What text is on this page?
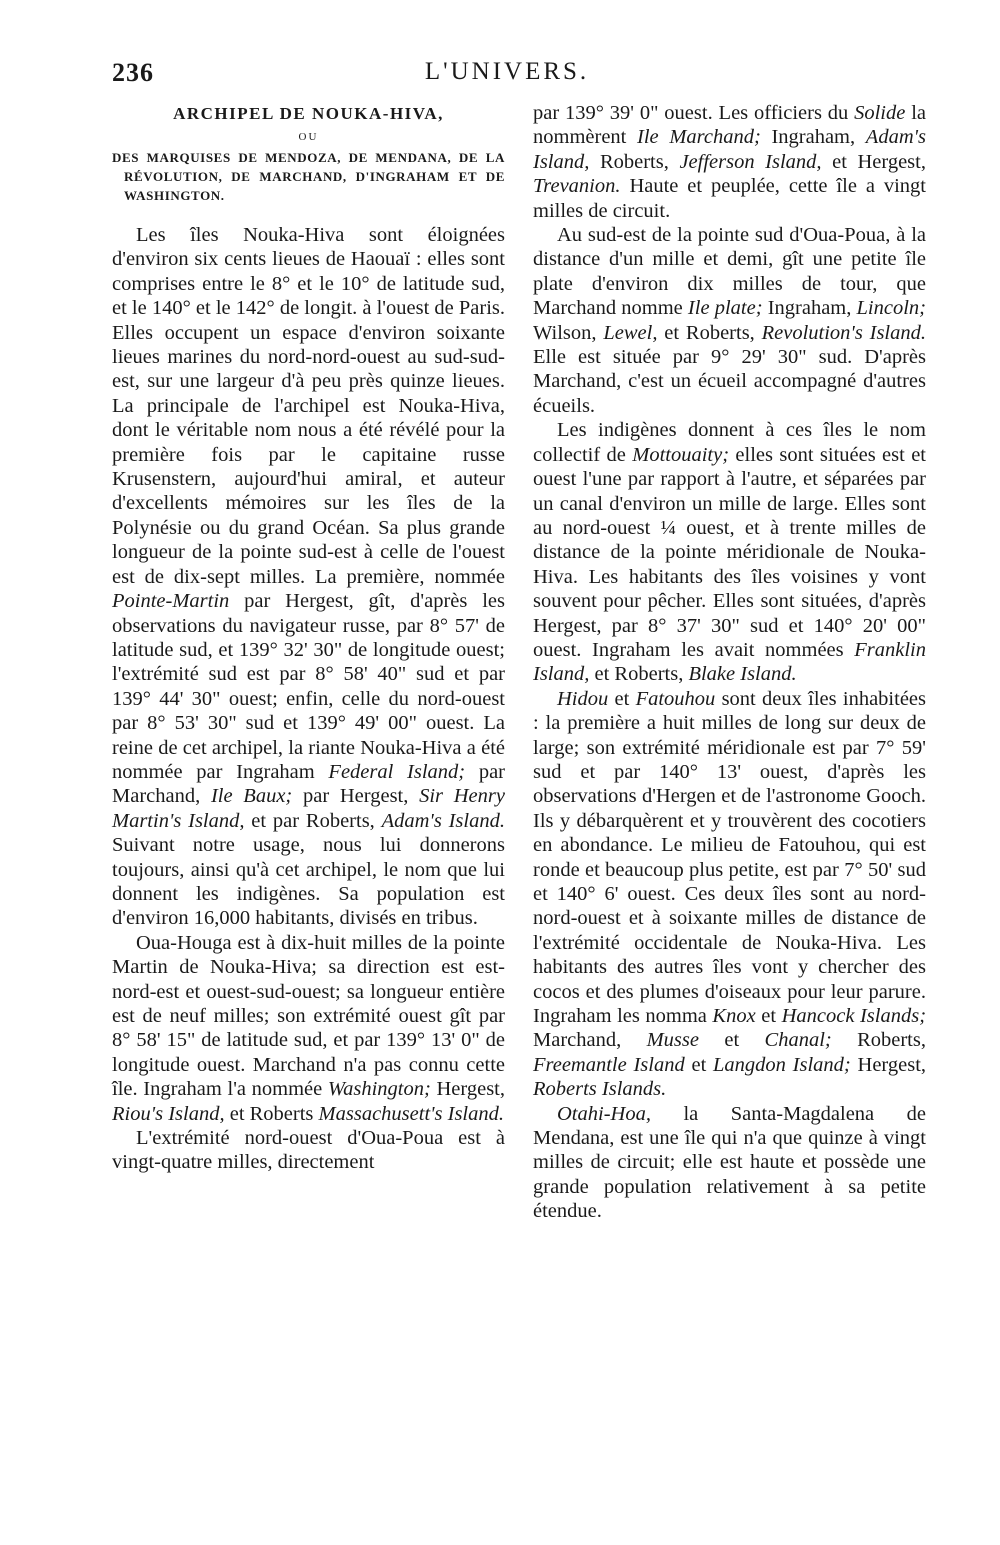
236	L'UNIVERS.
ARCHIPEL DE NOUKA-HIVA,
OU
DES MARQUISES DE MENDOZA, DE MENDANA, DE LA RÉVOLUTION, DE MARCHAND, D'INGRAHAM ET DE WASHINGTON.

Les îles Nouka-Hiva sont éloignées d'environ six cents lieues de Haouaï : elles sont comprises entre le 8° et le 10° de latitude sud, et le 140° et le 142° de longit. à l'ouest de Paris. Elles occupent un espace d'environ soixante lieues marines du nord-nord-ouest au sud-sud-est, sur une largeur d'à peu près quinze lieues. La principale de l'archipel est Nouka-Hiva, dont le véritable nom nous a été révélé pour la première fois par le capitaine russe Krusenstern, aujourd'hui amiral, et auteur d'excellents mémoires sur les îles de la Polynésie ou du grand Océan. Sa plus grande longueur de la pointe sud-est à celle de l'ouest est de dix-sept milles. La première, nommée Pointe-Martin par Hergest, gît, d'après les observations du navigateur russe, par 8° 57' de latitude sud, et 139° 32' 30" de longitude ouest; l'extrémité sud est par 8° 58' 40" sud et par 139° 44' 30" ouest; enfin, celle du nord-ouest par 8° 53' 30" sud et 139° 49' 00" ouest. La reine de cet archipel, la riante Nouka-Hiva a été nommée par Ingraham Federal Island; par Marchand, Ile Baux; par Hergest, Sir Henry Martin's Island, et par Roberts, Adam's Island. Suivant notre usage, nous lui donnerons toujours, ainsi qu'à cet archipel, le nom que lui donnent les indigènes. Sa population est d'environ 16,000 habitants, divisés en tribus.

Oua-Houga est à dix-huit milles de la pointe Martin de Nouka-Hiva; sa direction est est-nord-est et ouest-sud-ouest; sa longueur entière est de neuf milles; son extrémité ouest gît par 8° 58' 15" de latitude sud, et par 139° 13' 0" de longitude ouest. Marchand n'a pas connu cette île. Ingraham l'a nommée Washington; Hergest, Riou's Island, et Roberts Massachusett's Island.

L'extrémité nord-ouest d'Oua-Poua est à vingt-quatre milles, directement

par 139° 39' 0" ouest. Les officiers du Solide la nommèrent Ile Marchand; Ingraham, Adam's Island, Roberts, Jefferson Island, et Hergest, Trevanion. Haute et peuplée, cette île a vingt milles de circuit.

Au sud-est de la pointe sud d'Oua-Poua, à la distance d'un mille et demi, gît une petite île plate d'environ dix milles de tour, que Marchand nomme Ile plate; Ingraham, Lincoln; Wilson, Lewel, et Roberts, Revolution's Island. Elle est située par 9° 29' 30" sud. D'après Marchand, c'est un écueil accompagné d'autres écueils.

Les indigènes donnent à ces îles le nom collectif de Mottouaity; elles sont situées est et ouest l'une par rapport à l'autre, et séparées par un canal d'environ un mille de large. Elles sont au nord-ouest ¼ ouest, et à trente milles de distance de la pointe méridionale de Nouka-Hiva. Les habitants des îles voisines y vont souvent pour pêcher. Elles sont situées, d'après Hergest, par 8° 37' 30" sud et 140° 20' 00" ouest. Ingraham les avait nommées Franklin Island, et Roberts, Blake Island.

Hidou et Fatouhou sont deux îles inhabitées : la première a huit milles de long sur deux de large; son extrémité méridionale est par 7° 59' sud et par 140° 13' ouest, d'après les observations d'Hergen et de l'astronome Gooch. Ils y débarquèrent et y trouvèrent des cocotiers en abondance. Le milieu de Fatouhou, qui est ronde et beaucoup plus petite, est par 7° 50' sud et 140° 6' ouest. Ces deux îles sont au nord-nord-ouest et à soixante milles de distance de l'extrémité occidentale de Nouka-Hiva. Les habitants des autres îles vont y chercher des cocos et des plumes d'oiseaux pour leur parure. Ingraham les nomma Knox et Hancock Islands; Marchand, Musse et Chanal; Roberts, Freemantle Island et Langdon Island; Hergest, Roberts Islands.

Otahi-Hoa, la Santa-Magdalena de Mendana, est une île qui n'a que quinze à vingt milles de circuit; elle est haute et possède une grande population relativement à sa petite étendue.
